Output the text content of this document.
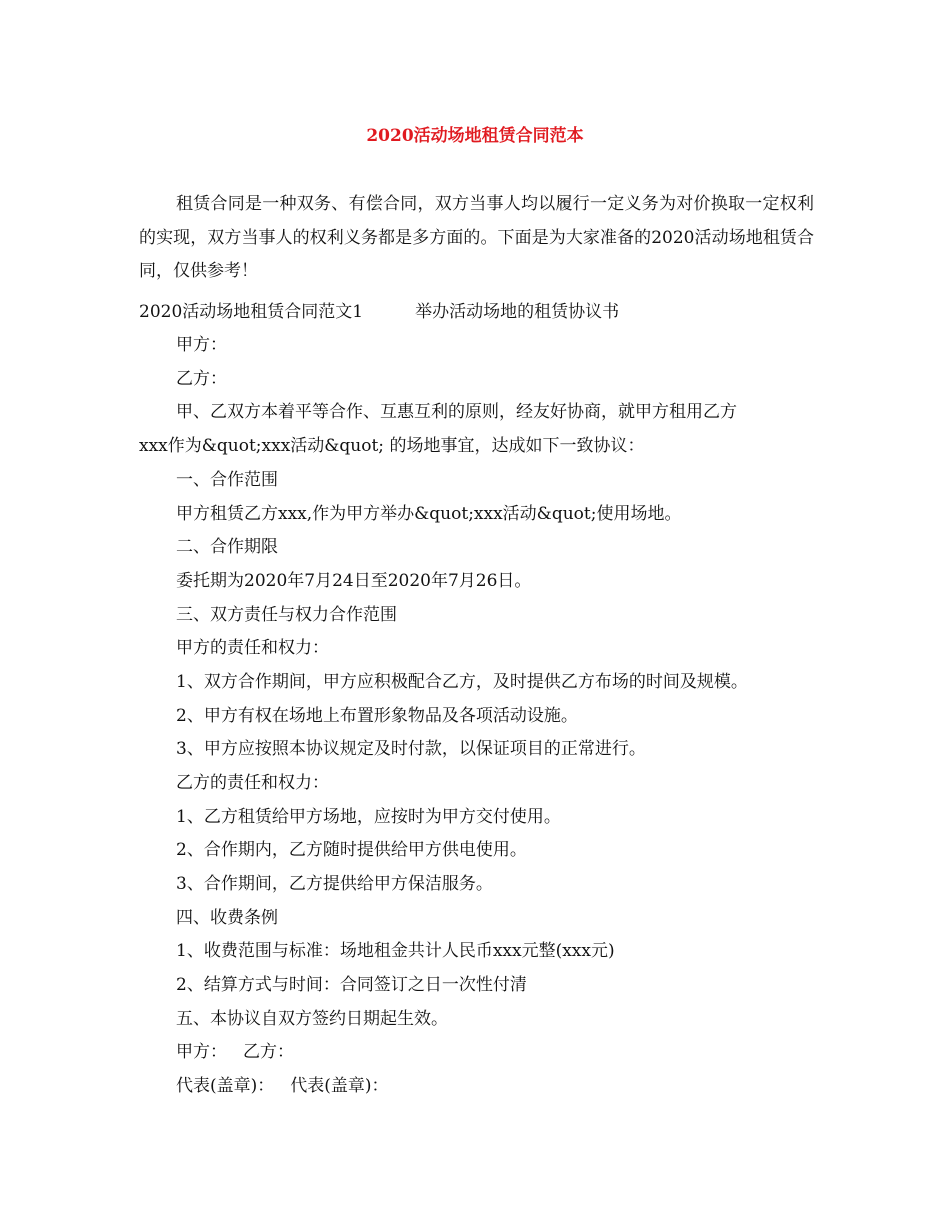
2020活动场地租赁合同范本
租赁合同是一种双务、有偿合同，双方当事人均以履行一定义务为对价换取一定权利的实现，双方当事人的权利义务都是多方面的。下面是为大家准备的2020活动场地租赁合同，仅供参考！
2020活动场地租赁合同范文1	举办活动场地的租赁协议书
甲方：
乙方：
甲、乙双方本着平等合作、互惠互利的原则，经友好协商，就甲方租用乙方
xxx作为&quot;xxx活动&quot; 的场地事宜，达成如下一致协议：
一、合作范围
甲方租赁乙方xxx,作为甲方举办&quot;xxx活动&quot;使用场地。
二、合作期限
委托期为2020年7月24日至2020年7月26日。
三、双方责任与权力合作范围
甲方的责任和权力：
1、双方合作期间，甲方应积极配合乙方，及时提供乙方布场的时间及规模。
2、甲方有权在场地上布置形象物品及各项活动设施。
3、甲方应按照本协议规定及时付款，以保证项目的正常进行。
乙方的责任和权力：
1、乙方租赁给甲方场地，应按时为甲方交付使用。
2、合作期内，乙方随时提供给甲方供电使用。
3、合作期间，乙方提供给甲方保洁服务。
四、收费条例
1、收费范围与标准：场地租金共计人民币xxx元整(xxx元)
2、结算方式与时间：合同签订之日一次性付清
五、本协议自双方签约日期起生效。
甲方： 乙方：
代表(盖章)： 代表(盖章)：
